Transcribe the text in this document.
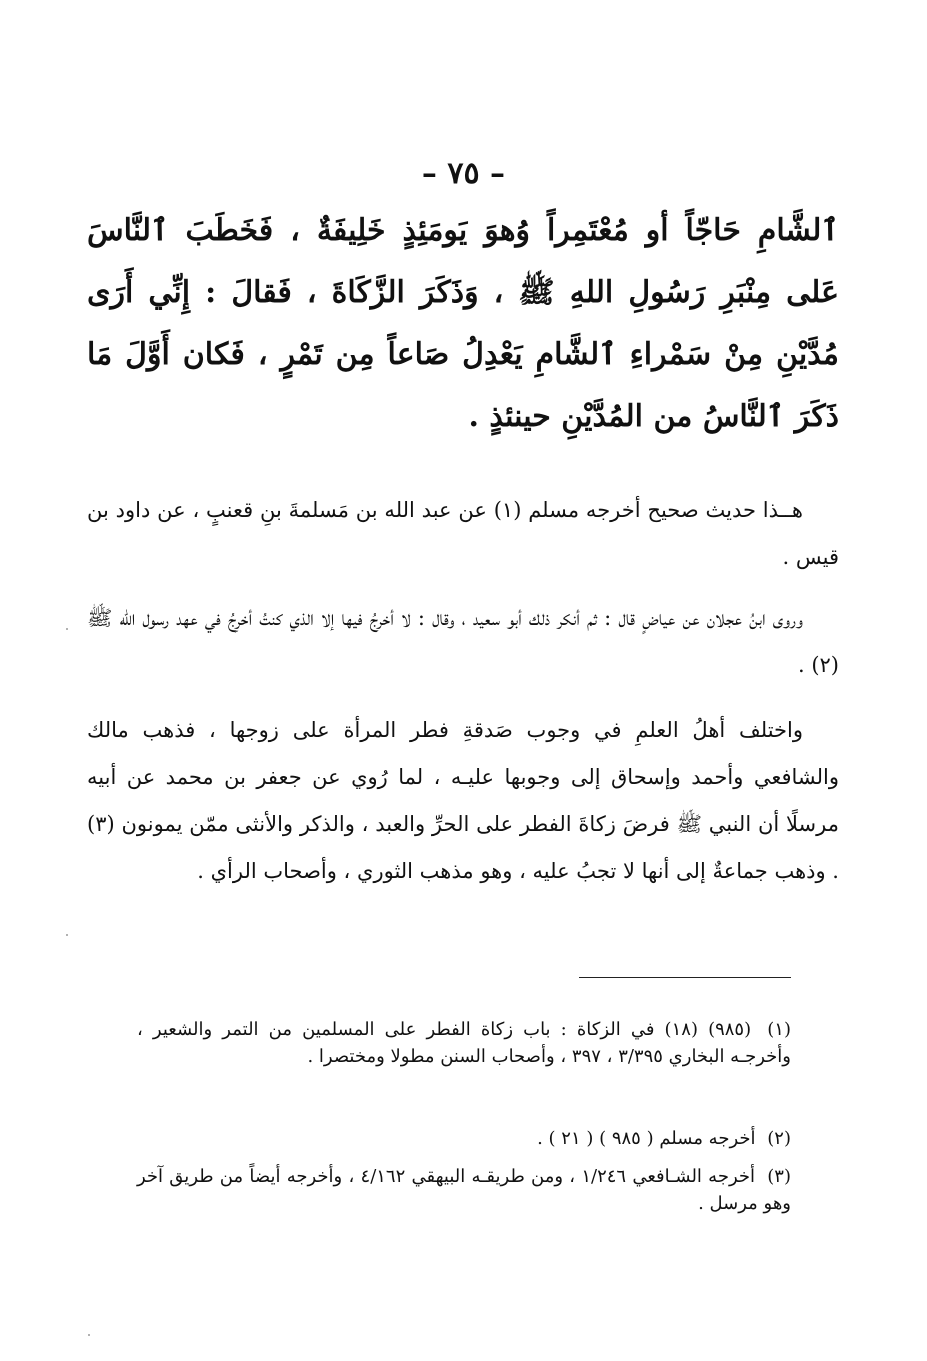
– ٧٥ –

ٱلشَّامِ حَاجّاً أو مُعْتَمِراً وُهوَ يَومَئِذٍ خَلِيفَةٌ ، فَخَطَبَ ٱلنَّاسَ عَلى مِنْبَرِ رَسُولِ اللهِ ﷺ ، وَذَكَرَ الزَّكَاةَ ، فَقالَ : إِنِّي أَرَى مُدَّيْنِ مِنْ سَمْراءِ ٱلشَّامِ يَعْدِلُ صَاعاً مِن تَمْرٍ ، فَكان أَوَّلَ مَا ذَكَرَ ٱلنَّاسُ من المُدَّيْنِ حينئذٍ .

هــذا حديث صحيح أخرجه مسلم (١) عن عبد الله بن مَسلمةَ بنِ قعنبٍ ، عن داود بن قيس .

وروى ابنُ عجلان عن عياضٍ قال : ثم أنكر ذلك أبو سعيد ، وقال : لا أخرجُ فيها إلا الذي كنتُ أخرِجُ في عهد رسول الله ﷺ (٢) .

واختلف أهلُ العلمِ في وجوب صَدقةِ فطر المرأة على زوجها ، فذهب مالك والشافعي وأحمد وإسحاق إلى وجوبها عليـه ، لما رُوي عن جعفر بن محمد عن أبيه مرسلًا أن النبي ﷺ فرضَ زكاةَ الفطر على الحرِّ والعبد ، والذكر والأنثى ممّن يمونون (٣) . وذهب جماعةٌ إلى أنها لا تجبُ عليه ، وهو مذهب الثوري ، وأصحاب الرأي .

(١) (٩٨٥) (١٨) في الزكاة : باب زكاة الفطر على المسلمين من التمر والشعير ، وأخرجـه البخاري ٣/٣٩٥ ، ٣٩٧ ، وأصحاب السنن مطولا ومختصرا .

(٢) أخرجه مسلم ( ٩٨٥ ) ( ٢١ ) .

(٣) أخرجه الشـافعي ١/٢٤٦ ، ومن طريقـه البيهقي ٤/١٦٢ ، وأخرجه أيضاً من طريق آخر وهو مرسل .
